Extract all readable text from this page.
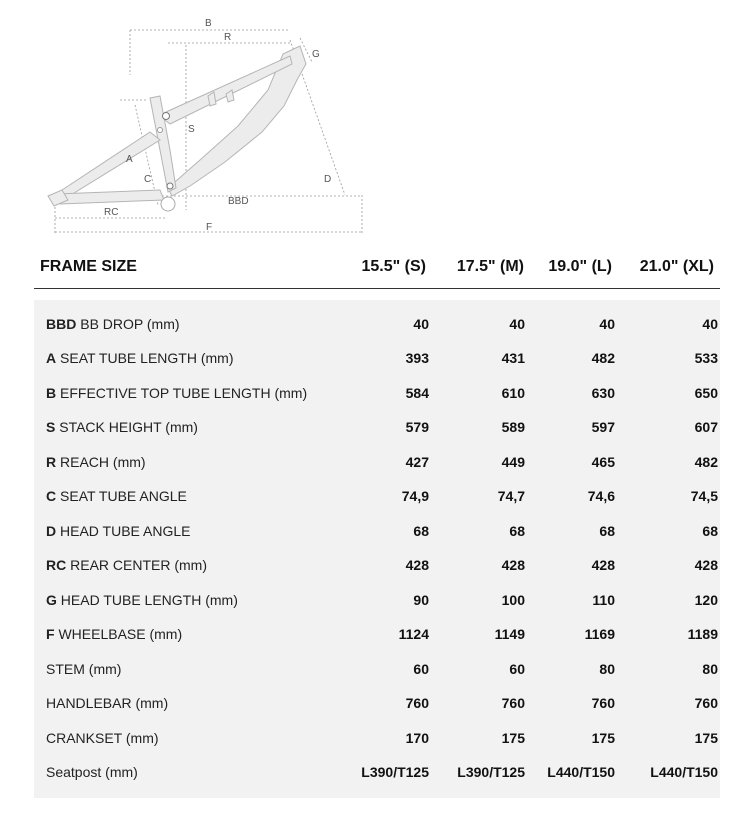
B
R
G
S
A
C	D
BBD
RC
F
FRAME SIZE	15.5" (S)	17.5" (M)	19.0" (L)	21.0" (XL)
BBD BB DROP (mm)	40	40	40	40
A SEAT TUBE LENGTH (mm)	393	431	482	533
B EFFECTIVE TOP TUBE LENGTH (mm)	584	610	630	650
S STACK HEIGHT (mm)	579	589	597	607
R REACH (mm)	427	449	465	482
C SEAT TUBE ANGLE	74,9	74,7	74,6	74,5
D HEAD TUBE ANGLE	68	68	68	68
RC REAR CENTER (mm)	428	428	428	428
G HEAD TUBE LENGTH (mm)	90	100	110	120
F WHEELBASE (mm)	1124	1149	1169	1189
STEM (mm)	60	60	80	80
HANDLEBAR (mm)	760	760	760	760
CRANKSET (mm)	170	175	175	175
Seatpost (mm)	L390/T125	L390/T125	L440/T150	L440/T150
